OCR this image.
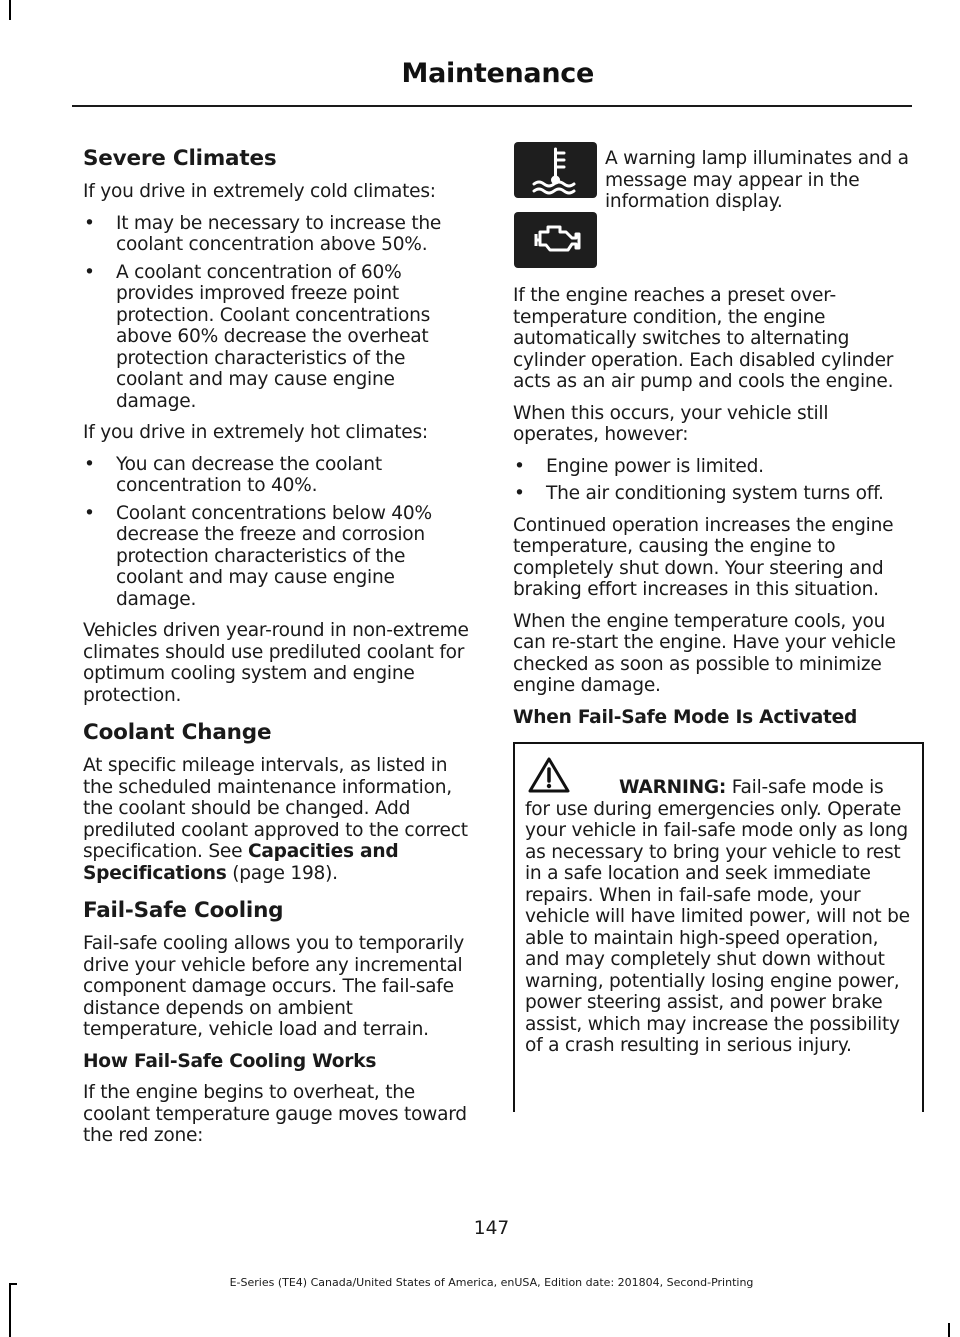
Maintenance
Severe Climates

If you drive in extremely cold climates:

• It may be necessary to increase the coolant concentration above 50%.
• A coolant concentration of 60% provides improved freeze point protection. Coolant concentrations above 60% decrease the overheat protection characteristics of the coolant and may cause engine damage.

If you drive in extremely hot climates:

• You can decrease the coolant concentration to 40%.
• Coolant concentrations below 40% decrease the freeze and corrosion protection characteristics of the coolant and may cause engine damage.

Vehicles driven year-round in non-extreme climates should use prediluted coolant for optimum cooling system and engine protection.

Coolant Change

At specific mileage intervals, as listed in the scheduled maintenance information, the coolant should be changed. Add prediluted coolant approved to the correct specification. See Capacities and Specifications (page 198).

Fail-Safe Cooling

Fail-safe cooling allows you to temporarily drive your vehicle before any incremental component damage occurs. The fail-safe distance depends on ambient temperature, vehicle load and terrain.

How Fail-Safe Cooling Works

If the engine begins to overheat, the coolant temperature gauge moves toward the red zone:

A warning lamp illuminates and a message may appear in the information display.

If the engine reaches a preset over-temperature condition, the engine automatically switches to alternating cylinder operation. Each disabled cylinder acts as an air pump and cools the engine.

When this occurs, your vehicle still operates, however:

• Engine power is limited.
• The air conditioning system turns off.

Continued operation increases the engine temperature, causing the engine to completely shut down. Your steering and braking effort increases in this situation.

When the engine temperature cools, you can re-start the engine. Have your vehicle checked as soon as possible to minimize engine damage.

When Fail-Safe Mode Is Activated

WARNING: Fail-safe mode is for use during emergencies only. Operate your vehicle in fail-safe mode only as long as necessary to bring your vehicle to rest in a safe location and seek immediate repairs. When in fail-safe mode, your vehicle will have limited power, will not be able to maintain high-speed operation, and may completely shut down without warning, potentially losing engine power, power steering assist, and power brake assist, which may increase the possibility of a crash resulting in serious injury.

147

E-Series (TE4) Canada/United States of America, enUSA, Edition date: 201804, Second-Printing
